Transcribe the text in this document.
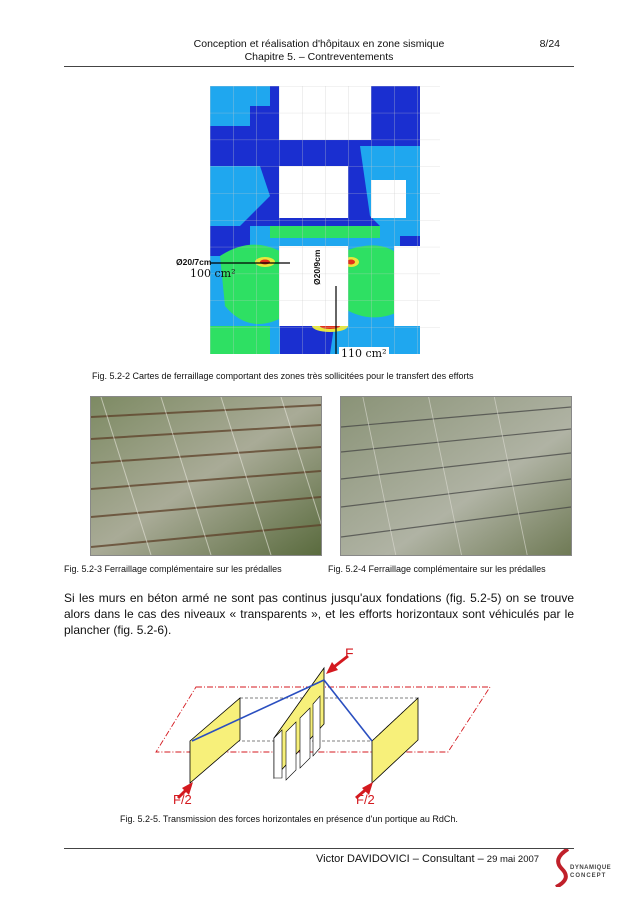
Conception et réalisation d'hôpitaux en zone sismique
Chapitre 5. – Contreventements
8/24
Ø20/7cm
100 cm²	Ø20/9cm
110 cm²
Fig. 5.2-2 Cartes de ferraillage comportant des zones très sollicitées pour le transfert des efforts
Fig. 5.2-3 Ferraillage complémentaire sur les prédalles	Fig. 5.2-4 Ferraillage complémentaire sur les prédalles
Si les murs en béton armé ne sont pas continus jusqu'aux fondations (fig. 5.2-5) on se trouve alors dans le cas des niveaux « transparents », et les efforts horizontaux sont véhiculés par le plancher (fig. 5.2-6).
F
F/2	F/2
Fig. 5.2-5. Transmission des forces horizontales en présence d'un portique au RdCh.
Victor DAVIDOVICI – Consultant – 29 mai 2007
DYNAMIQUE
CONCEPT
